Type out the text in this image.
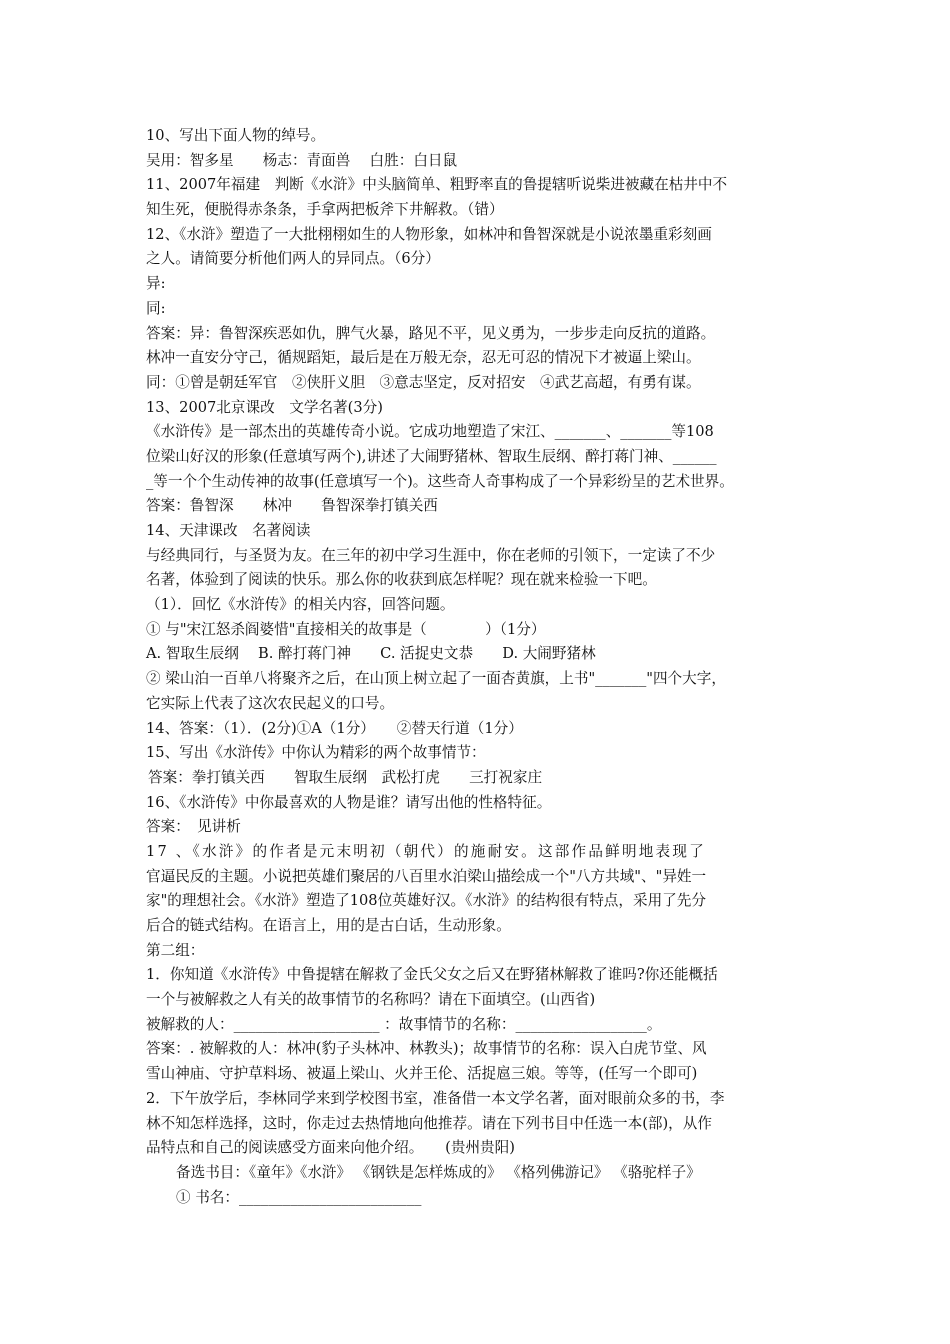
10、写出下面人物的绰号。
吴用：智多星　　杨志：青面兽　 白胜：白日鼠
11、2007年福建　判断《水浒》中头脑简单、粗野率直的鲁提辖听说柴进被藏在枯井中不
知生死，便脱得赤条条，手拿两把板斧下井解救。（错）
12、《水浒》塑造了一大批栩栩如生的人物形象，如林冲和鲁智深就是小说浓墨重彩刻画
之人。请简要分析他们两人的异同点。（6分）
异:
同:
答案：异：鲁智深疾恶如仇，脾气火暴，路见不平，见义勇为，一步步走向反抗的道路。
林冲一直安分守己，循规蹈矩，最后是在万般无奈，忍无可忍的情况下才被逼上梁山。
同：①曾是朝廷军官　②侠肝义胆　③意志坚定，反对招安　④武艺高超，有勇有谋。
13、2007北京课改　文学名著(3分)
《水浒传》是一部杰出的英雄传奇小说。它成功地塑造了宋江、_______、_______等108
位梁山好汉的形象(任意填写两个),讲述了大闹野猪林、智取生辰纲、醉打蒋门神、______
_等一个个生动传神的故事(任意填写一个)。这些奇人奇事构成了一个异彩纷呈的艺术世界。
答案：鲁智深　　林冲　　鲁智深拳打镇关西
14、天津课改　名著阅读
与经典同行，与圣贤为友。在三年的初中学习生涯中，你在老师的引领下，一定读了不少
名著，体验到了阅读的快乐。那么你的收获到底怎样呢？现在就来检验一下吧。
（1）．回忆《水浒传》的相关内容，回答问题。
① 与"宋江怒杀阎婆惜"直接相关的故事是（　　　　）（1分）
A. 智取生辰纲　 B. 醉打蒋门神　　C. 活捉史文恭　　D. 大闹野猪林
② 梁山泊一百单八将聚齐之后，在山顶上树立起了一面杏黄旗，上书"_______"四个大字，
它实际上代表了这次农民起义的口号。
14、答案：（1）．(2分)①A（1分）　　②替天行道（1分）
15、写出《水浒传》中你认为精彩的两个故事情节：
答案：拳打镇关西　　智取生辰纲　武松打虎　　三打祝家庄
16、《水浒传》中你最喜欢的人物是谁？请写出他的性格特征。
答案：　见讲析
17 、《水浒》的作者是元末明初（朝代）的施耐安。这部作品鲜明地表现了
官逼民反的主题。小说把英雄们聚居的八百里水泊梁山描绘成一个"八方共域"、"异姓一
家"的理想社会。《水浒》塑造了108位英雄好汉。《水浒》的结构很有特点，采用了先分
后合的链式结构。在语言上，用的是古白话，生动形象。
第二组：
1．你知道《水浒传》中鲁提辖在解救了金氏父女之后又在野猪林解救了谁吗?你还能概括
一个与被解救之人有关的故事情节的名称吗？请在下面填空。(山西省)
被解救的人：____________________ ：故事情节的名称：__________________。
答案：. 被解救的人：林冲(豹子头林冲、林教头)；故事情节的名称：误入白虎节堂、风
雪山神庙、守护草料场、被逼上梁山、火并王伦、活捉扈三娘。等等，(任写一个即可)
2．下午放学后，李林同学来到学校图书室，准备借一本文学名著，面对眼前众多的书，李
林不知怎样选择，这时，你走过去热情地向他推荐。请在下列书目中任选一本(部)，从作
品特点和自己的阅读感受方面来向他介绍。　　(贵州贵阳)
备选书目：《童年》《水浒》 《钢铁是怎样炼成的》 《格列佛游记》 《骆驼样子》
① 书名：_________________________
